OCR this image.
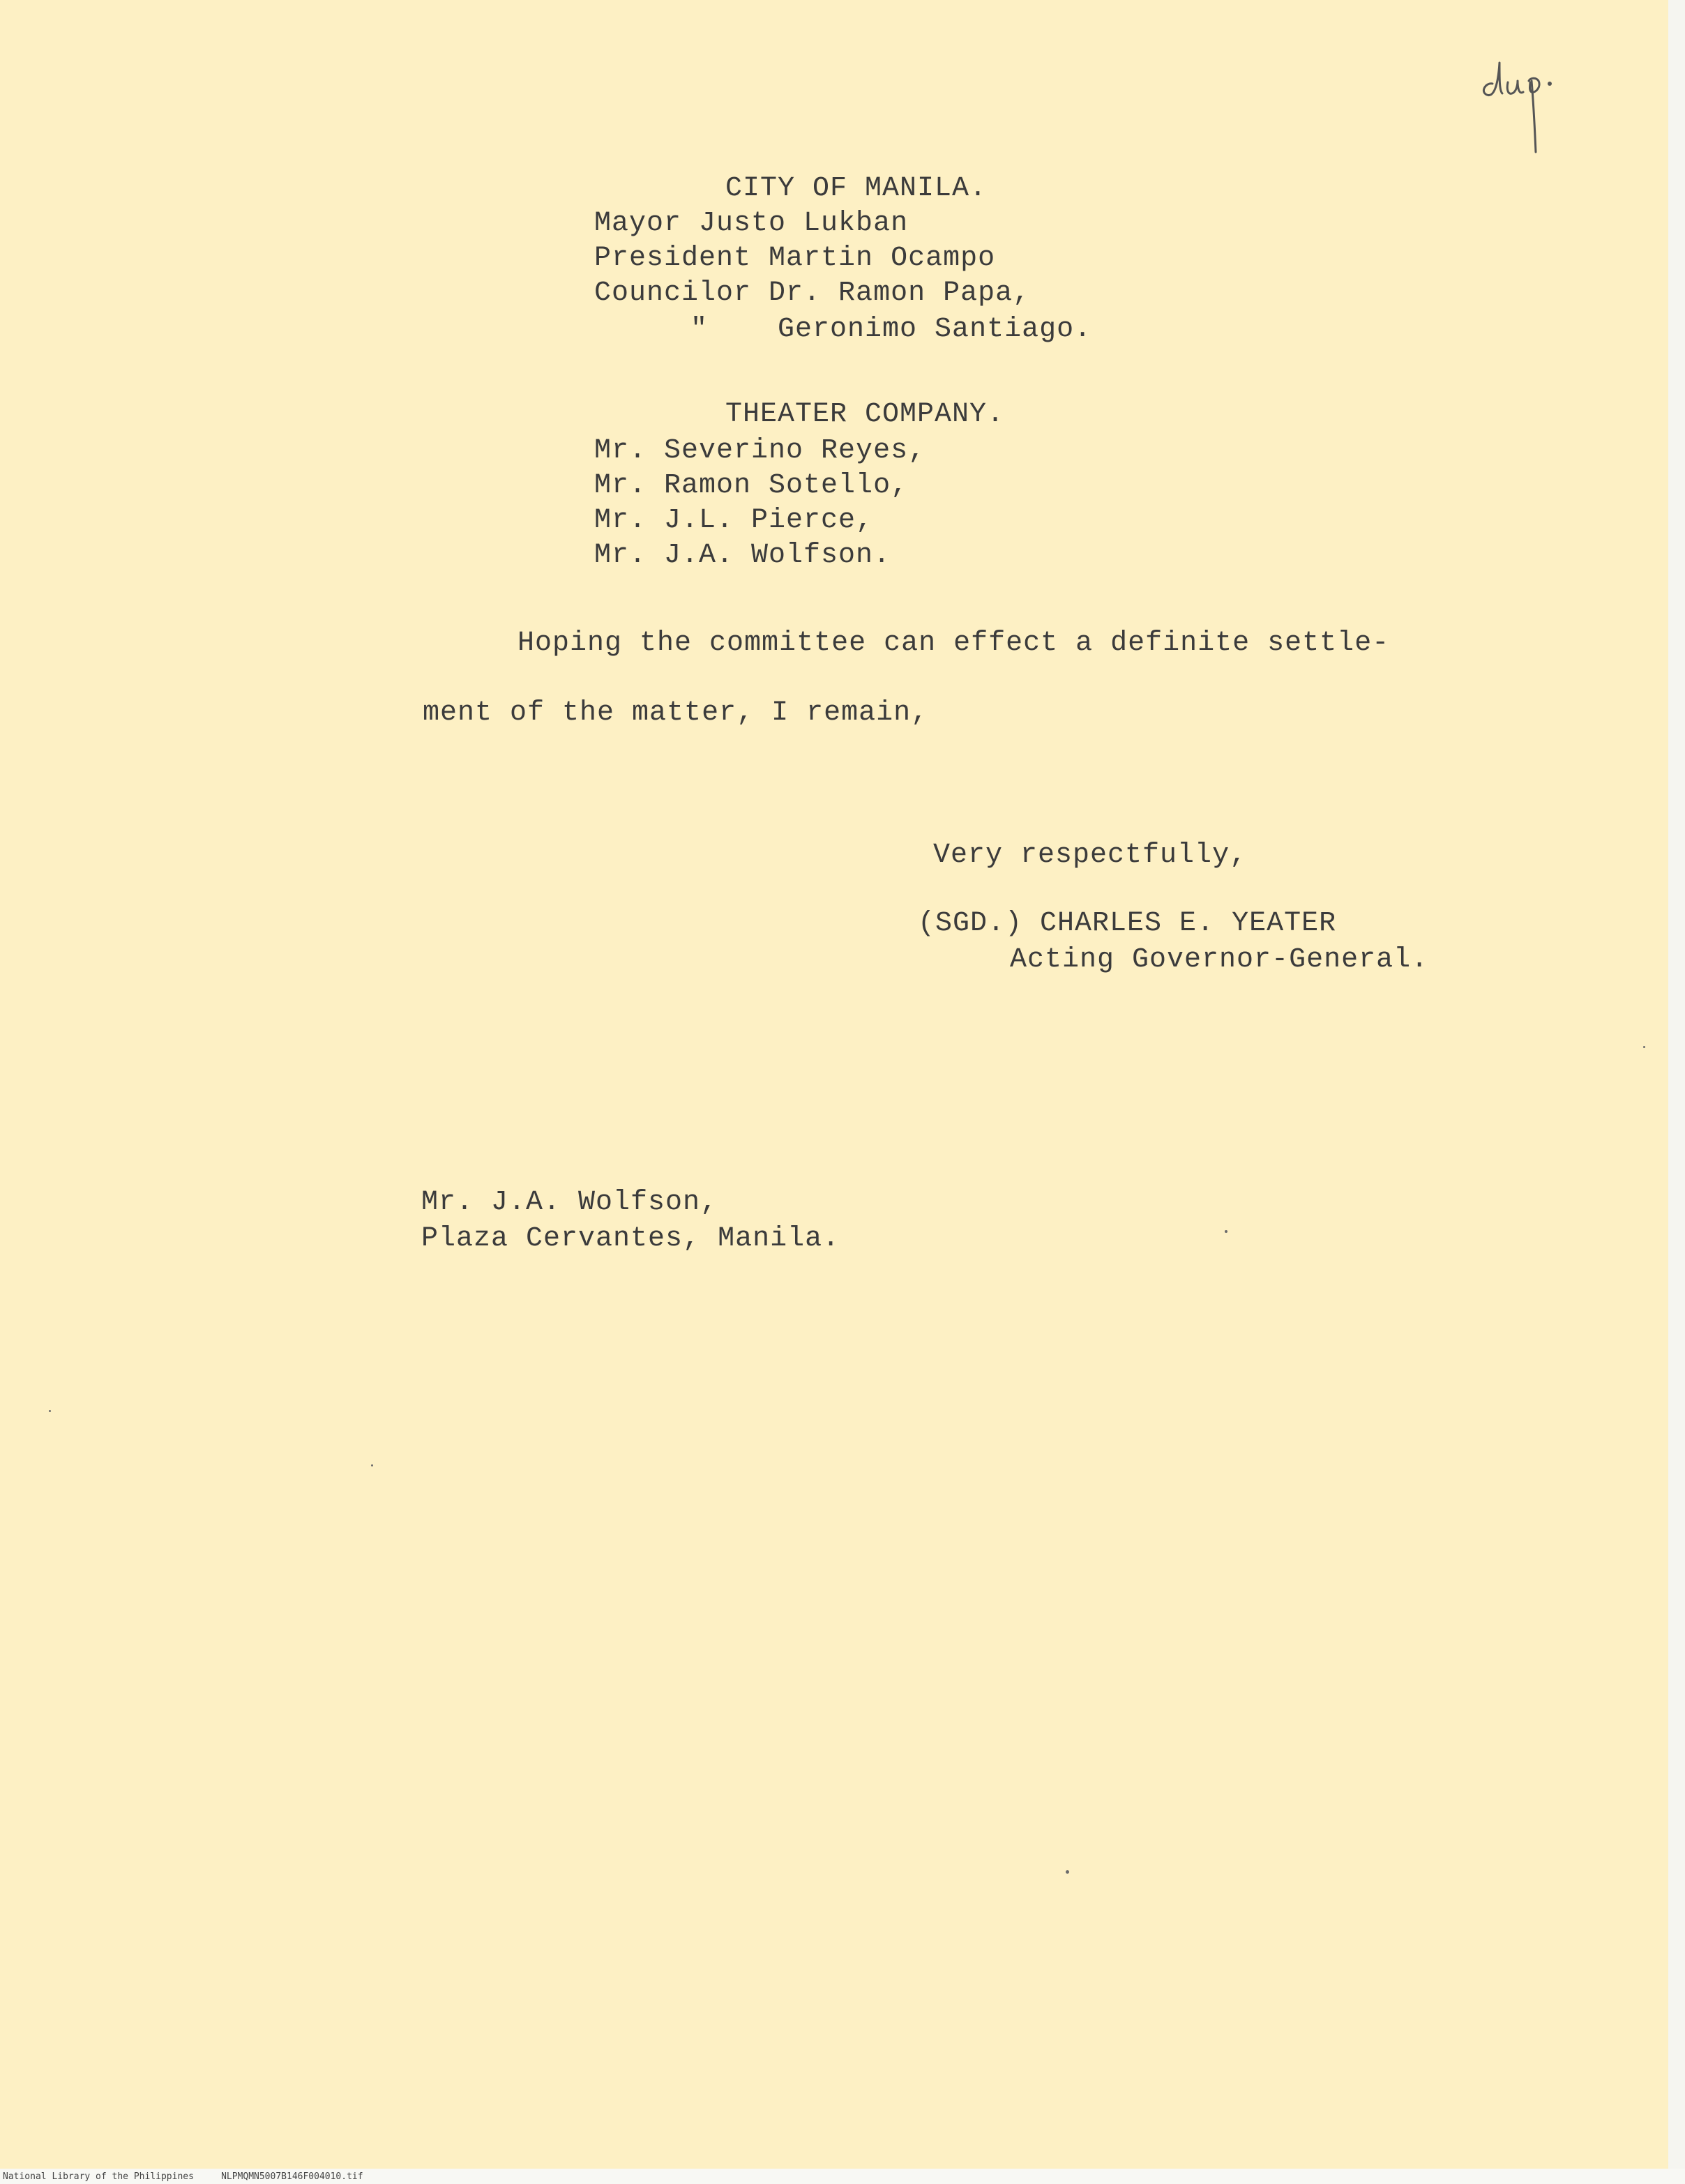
CITY OF MANILA.
Mayor Justo Lukban
President Martin Ocampo
Councilor Dr. Ramon Papa,
"    Geronimo Santiago.
THEATER COMPANY.
Mr. Severino Reyes,
Mr. Ramon Sotello,
Mr. J.L. Pierce,
Mr. J.A. Wolfson.
Hoping the committee can effect a definite settle-
ment of the matter, I remain,
Very respectfully,
(SGD.) CHARLES E. YEATER
Acting Governor-General.
Mr. J.A. Wolfson,
Plaza Cervantes, Manila.
National Library of the Philippines     NLPMQMN5007B146F004010.tif
